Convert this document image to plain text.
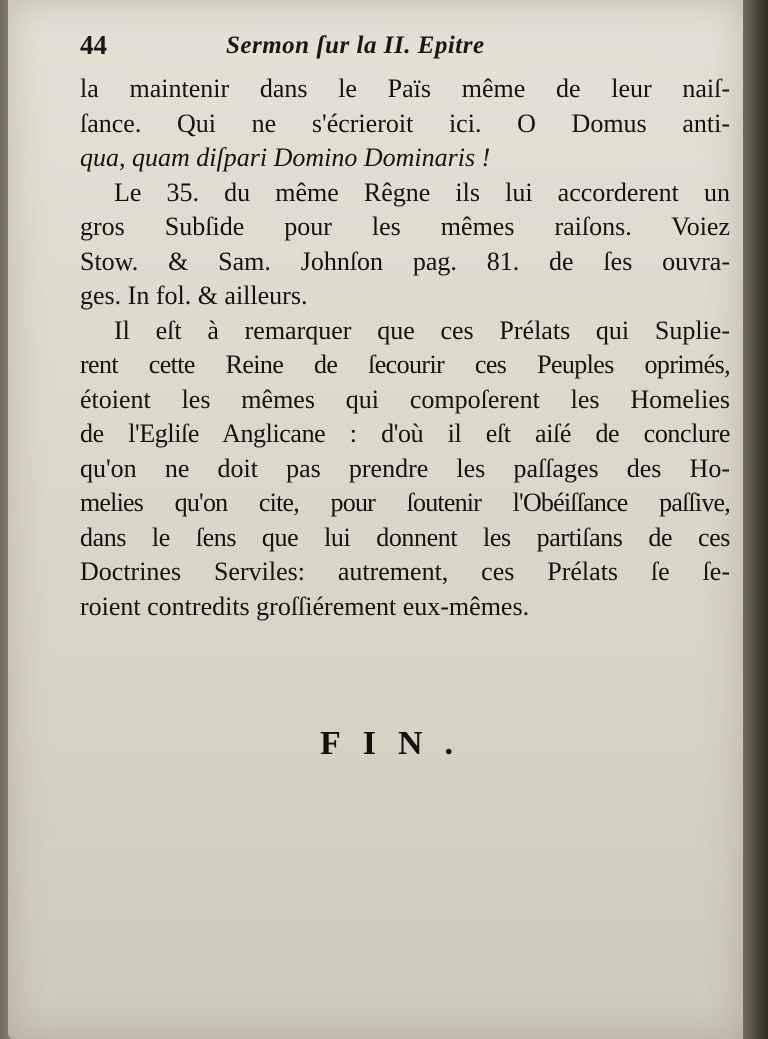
44	Sermon ſur la II. Epitre
la maintenir dans le Païs même de leur naiſ-
ſance. Qui ne s'écrieroit ici. O Domus anti-
qua, quam diſpari Domino Dominaris !
Le 35. du même Rêgne ils lui accorderent un
gros Subſide pour les mêmes raiſons. Voiez
Stow. & Sam. Johnſon pag. 81. de ſes ouvra-
ges. In fol. & ailleurs.
Il eſt à remarquer que ces Prélats qui Suplie-
rent cette Reine de ſecourir ces Peuples oprimés,
étoient les mêmes qui compoſerent les Homelies
de l'Egliſe Anglicane : d'où il eſt aiſé de conclure
qu'on ne doit pas prendre les paſſages des Ho-
melies qu'on cite, pour ſoutenir l'Obéiſſance paſſive,
dans le ſens que lui donnent les partiſans de ces
Doctrines Serviles: autrement, ces Prélats ſe ſe-
roient contredits groſſiérement eux-mêmes.
FIN.
